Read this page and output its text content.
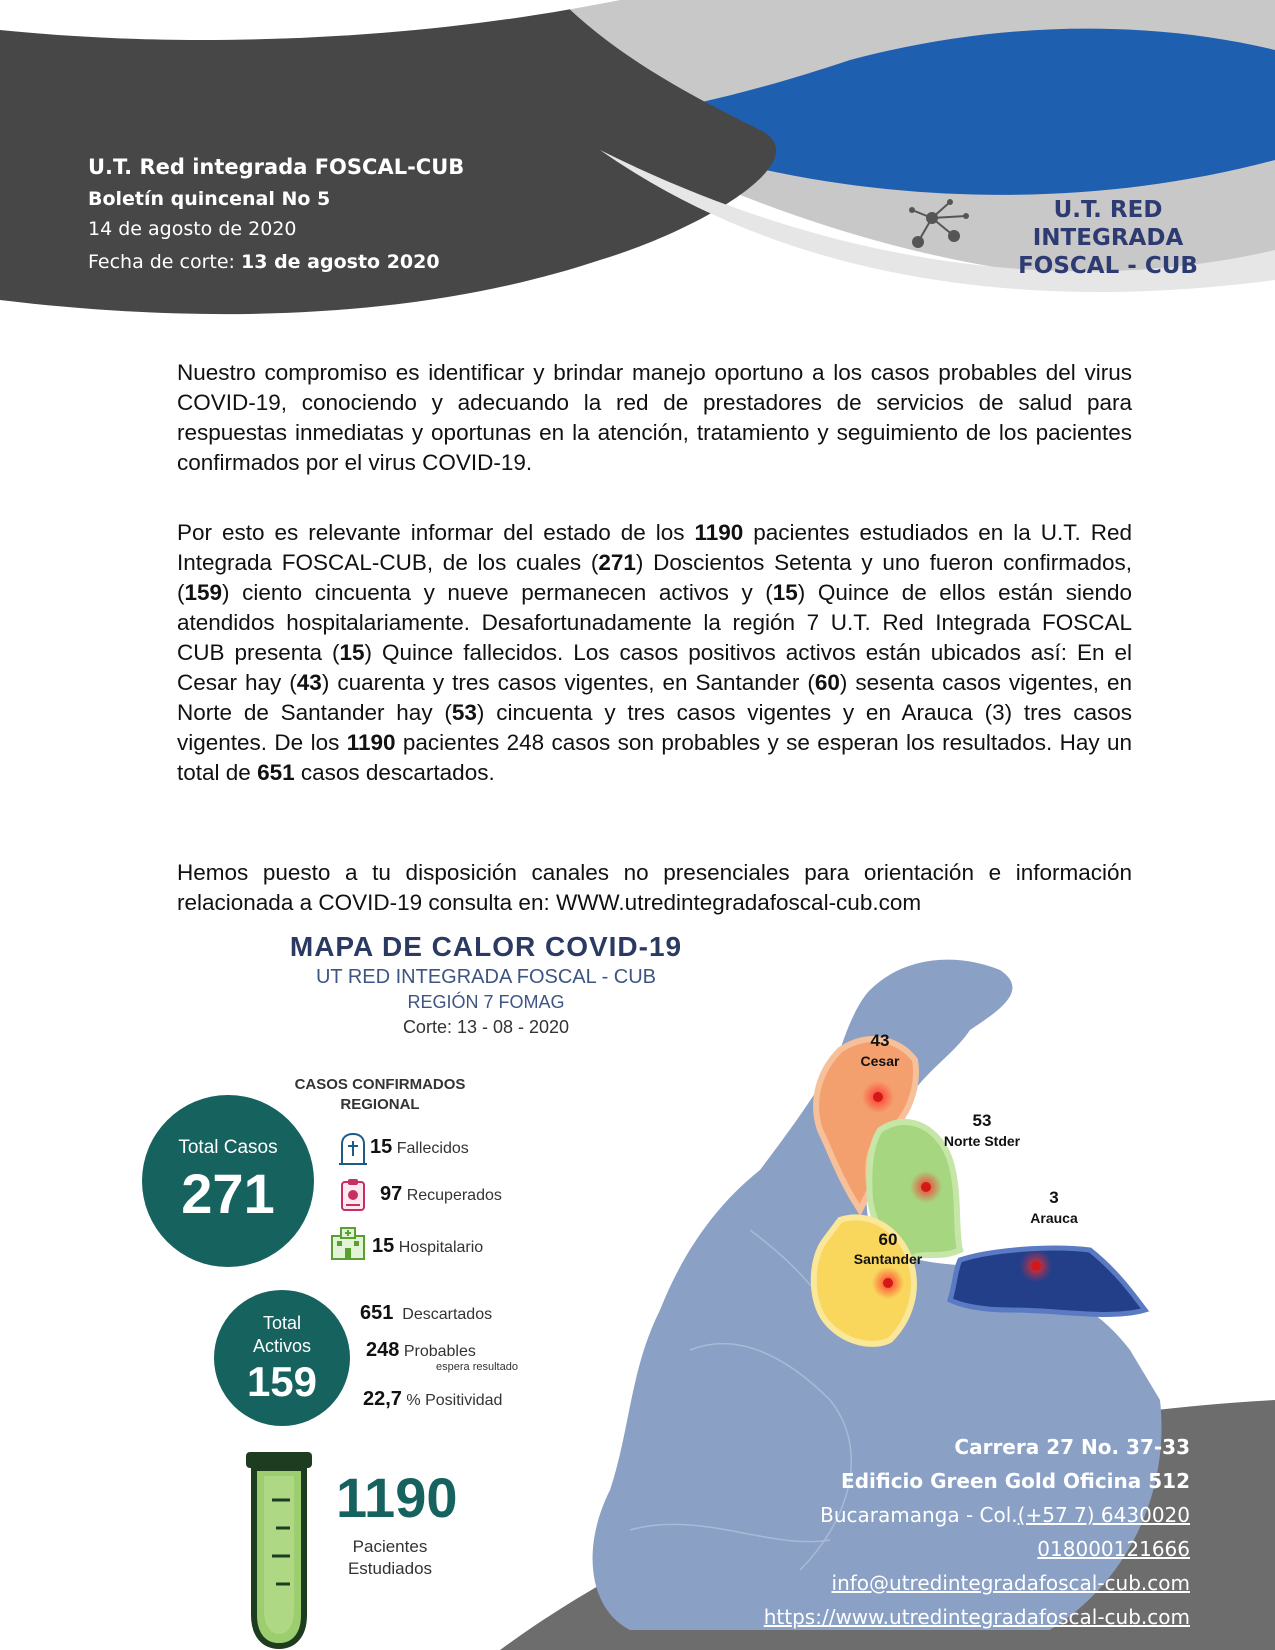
U.T. Red integrada FOSCAL-CUB
Boletín quincenal No 5
14 de agosto de 2020
Fecha de corte: 13 de agosto 2020
U.T. RED INTEGRADA
FOSCAL - CUB
Nuestro compromiso es identificar y brindar manejo oportuno a los casos probables del virus COVID-19, conociendo y adecuando la red de prestadores de servicios de salud para respuestas inmediatas y oportunas en la atención, tratamiento y seguimiento de los pacientes confirmados por el virus COVID-19.
Por esto es relevante informar del estado de los 1190 pacientes estudiados en la U.T. Red Integrada FOSCAL-CUB, de los cuales (271) Doscientos Setenta y uno fueron confirmados, (159) ciento cincuenta y nueve permanecen activos y (15) Quince de ellos están siendo atendidos hospitalariamente. Desafortunadamente la región 7 U.T. Red Integrada FOSCAL CUB presenta (15) Quince fallecidos. Los casos positivos activos están ubicados así: En el Cesar hay (43) cuarenta y tres casos vigentes, en Santander (60) sesenta casos vigentes, en Norte de Santander hay (53) cincuenta y tres casos vigentes y en Arauca (3) tres casos vigentes. De los 1190 pacientes 248 casos son probables y se esperan los resultados. Hay un total de 651 casos descartados.
Hemos puesto a tu disposición canales no presenciales para orientación e información relacionada a COVID-19 consulta en: WWW.utredintegradafoscal-cub.com
MAPA DE CALOR COVID-19
UT RED INTEGRADA FOSCAL - CUB
REGIÓN 7 FOMAG
Corte: 13 - 08 - 2020
43
Cesar
53
Norte Stder
60
Santander
3
Arauca
Total Casos
271
Total
Activos
159
CASOS CONFIRMADOS
REGIONAL
15 Fallecidos
97 Recuperados
15 Hospitalario
651 Descartados
248 Probables
espera resultado
22,7 % Positividad
1190
Pacientes
Estudiados
Carrera 27 No. 37-33
Edificio Green Gold Oficina 512
Bucaramanga - Col.(+57 7) 6430020
018000121666
info@utredintegradafoscal-cub.com
https://www.utredintegradafoscal-cub.com
